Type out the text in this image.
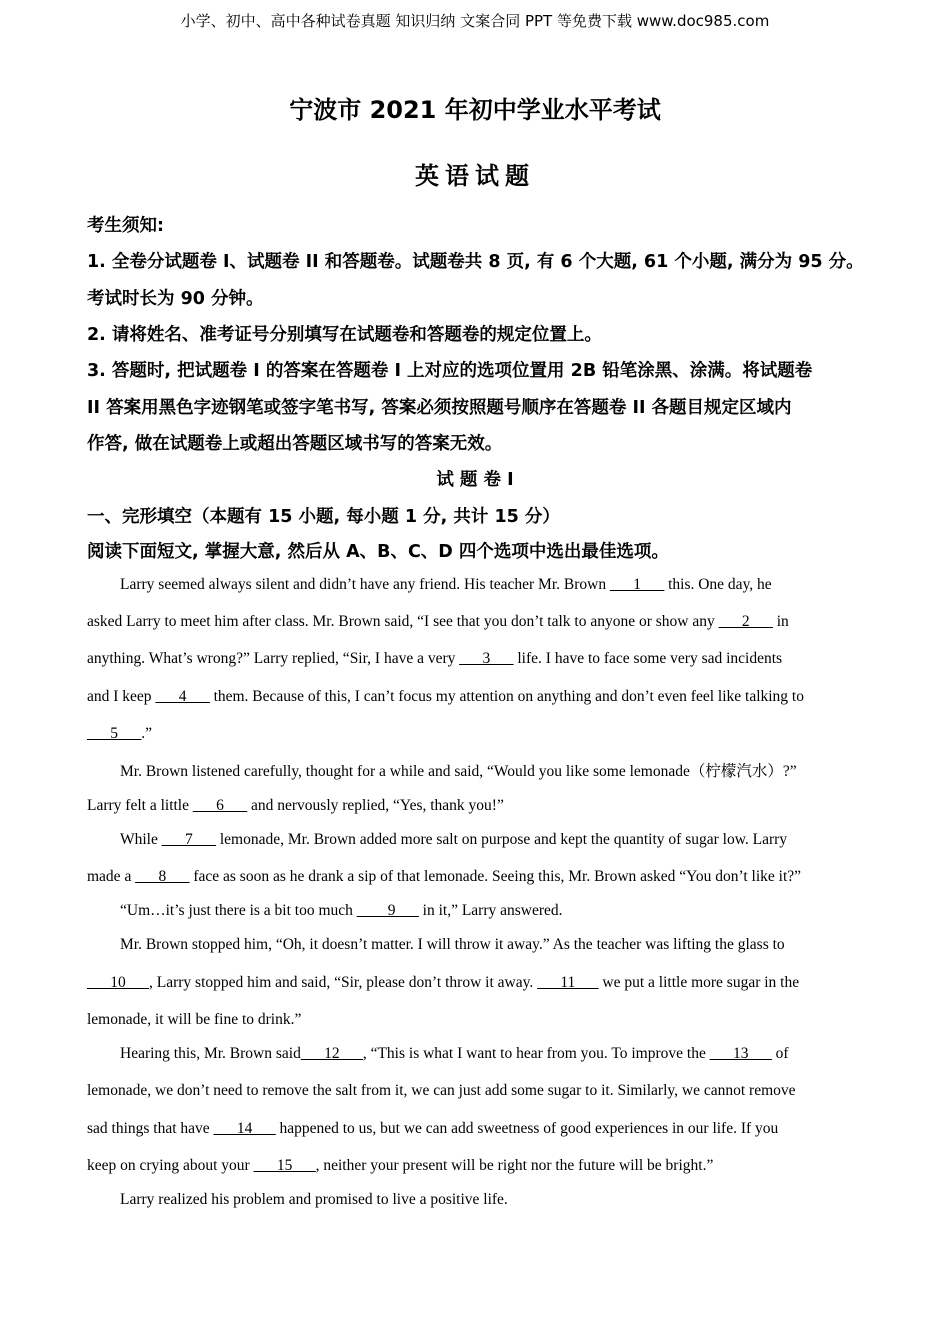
小学、初中、高中各种试卷真题 知识归纳 文案合同 PPT 等免费下载 www.doc985.com
宁波市 2021 年初中学业水平考试
英语试题
考生须知:
1. 全卷分试题卷 I、试题卷 II 和答题卷。试题卷共 8 页, 有 6 个大题, 61 个小题, 满分为 95 分。
考试时长为 90 分钟。
2. 请将姓名、准考证号分别填写在试题卷和答题卷的规定位置上。
3. 答题时, 把试题卷 I 的答案在答题卷 I 上对应的选项位置用 2B 铅笔涂黑、涂满。将试题卷
II 答案用黑色字迹钢笔或签字笔书写, 答案必须按照题号顺序在答题卷 II 各题目规定区域内
作答, 做在试题卷上或超出答题区域书写的答案无效。
试 题 卷 I
一、完形填空（本题有 15 小题, 每小题 1 分, 共计 15 分）
阅读下面短文, 掌握大意, 然后从 A、B、C、D 四个选项中选出最佳选项。
Larry seemed always silent and didn’t have any friend. His teacher Mr. Brown ___1___ this. One day, he
asked Larry to meet him after class. Mr. Brown said, “I see that you don’t talk to anyone or show any ___2___ in
anything. What’s wrong?” Larry replied, “Sir, I have a very ___3___ life. I have to face some very sad incidents
and I keep ___4___ them. Because of this, I can’t focus my attention on anything and don’t even feel like talking to
___5___.”
Mr. Brown listened carefully, thought for a while and said, “Would you like some lemonade（柠檬汽水）?”
Larry felt a little ___6___ and nervously replied, “Yes, thank you!”
While ___7___ lemonade, Mr. Brown added more salt on purpose and kept the quantity of sugar low. Larry
made a ___8___ face as soon as he drank a sip of that lemonade. Seeing this, Mr. Brown asked “You don’t like it?”
“Um…it’s just there is a bit too much ____9___ in it,” Larry answered.
Mr. Brown stopped him, “Oh, it doesn’t matter. I will throw it away.” As the teacher was lifting the glass to
___10___, Larry stopped him and said, “Sir, please don’t throw it away. ___11___ we put a little more sugar in the
lemonade, it will be fine to drink.”
Hearing this, Mr. Brown said___12___, “This is what I want to hear from you. To improve the ___13___ of
lemonade, we don’t need to remove the salt from it, we can just add some sugar to it. Similarly, we cannot remove
sad things that have ___14___ happened to us, but we can add sweetness of good experiences in our life. If you
keep on crying about your ___15___, neither your present will be right nor the future will be bright.”
Larry realized his problem and promised to live a positive life.
